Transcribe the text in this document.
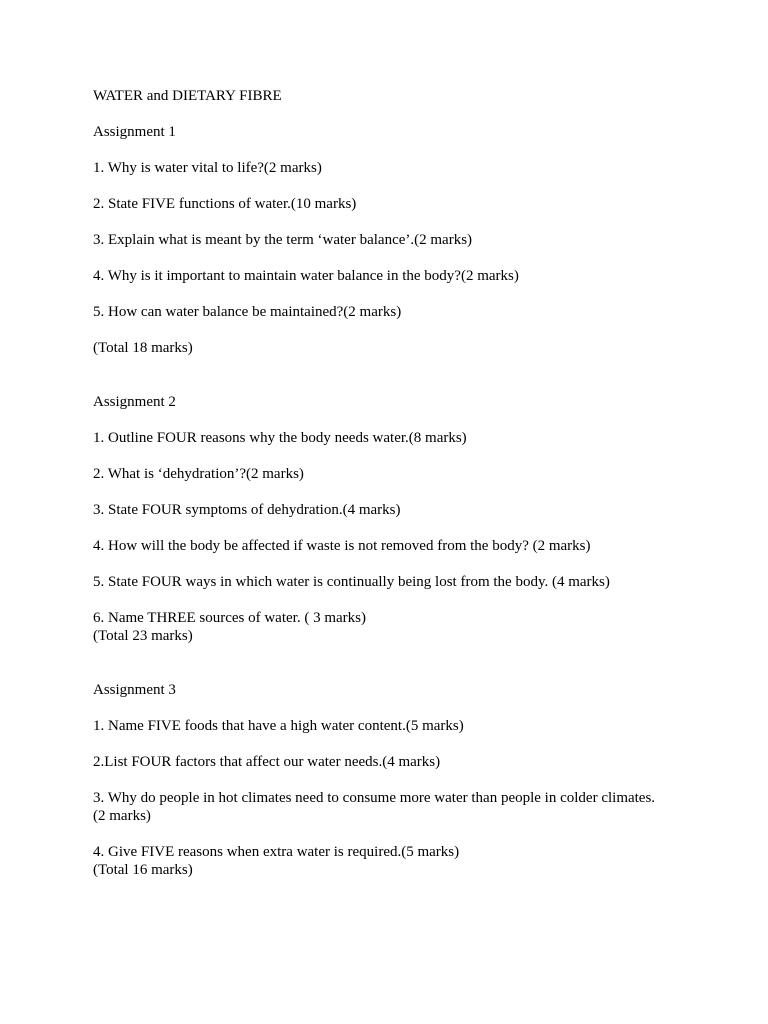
WATER and DIETARY FIBRE

Assignment 1

1. Why is water vital to life?(2 marks)

2. State FIVE functions of water.(10 marks)

3. Explain what is meant by the term ‘water balance’.(2 marks)

4. Why is it important to maintain water balance in the body?(2 marks)

5. How can water balance be maintained?(2 marks)

(Total 18 marks)

Assignment 2

1. Outline FOUR reasons why the body needs water.(8 marks)

2. What is ‘dehydration’?(2 marks)

3. State FOUR symptoms of dehydration.(4 marks)

4. How will the body be affected if waste is not removed from the body? (2 marks)

5. State FOUR ways in which water is continually being lost from the body. (4 marks)

6. Name THREE sources of water. ( 3 marks)

(Total 23 marks)

Assignment 3

1. Name FIVE foods that have a high water content.(5 marks)

2.List FOUR factors that affect our water needs.(4 marks)

3. Why do people in hot climates need to consume more water than people in colder climates.

(2 marks)

4. Give FIVE reasons when extra water is required.(5 marks)

(Total 16 marks)
